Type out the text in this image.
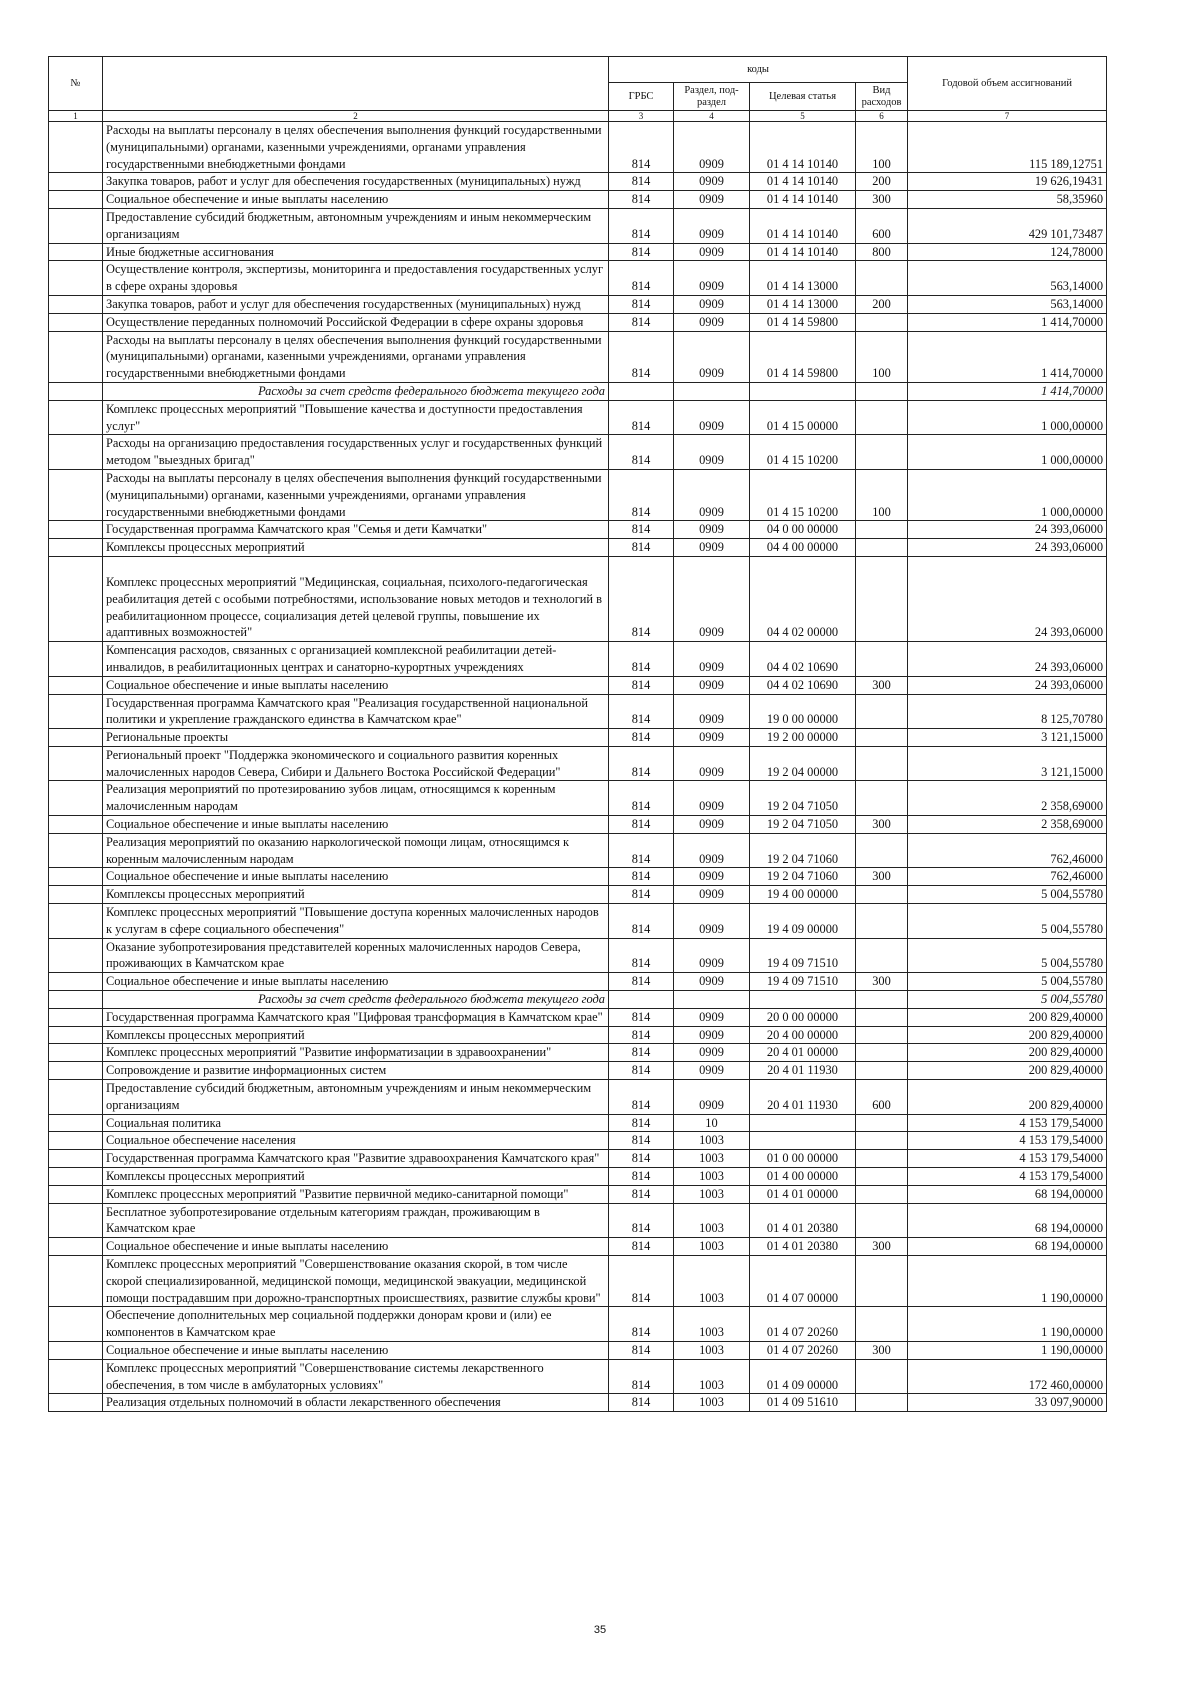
№		коды				Годовой объем ассигнований
		ГРБС	Раздел, под-раздел	Целевая статья	Вид расходов	
1	2	3	4	5	6	7
	Расходы на выплаты персоналу в целях обеспечения выполнения функций государственными (муниципальными) органами, казенными учреждениями, органами управления государственными внебюджетными фондами	814	0909	01 4 14 10140	100	115 189,12751
	Закупка товаров, работ и услуг для обеспечения государственных (муниципальных) нужд	814	0909	01 4 14 10140	200	19 626,19431
	Социальное обеспечение и иные выплаты населению	814	0909	01 4 14 10140	300	58,35960
	Предоставление субсидий бюджетным, автономным учреждениям и иным некоммерческим организациям	814	0909	01 4 14 10140	600	429 101,73487
	Иные бюджетные ассигнования	814	0909	01 4 14 10140	800	124,78000
	Осуществление контроля, экспертизы, мониторинга и предоставления государственных услуг в сфере охраны здоровья	814	0909	01 4 14 13000		563,14000
	Закупка товаров, работ и услуг для обеспечения государственных (муниципальных) нужд	814	0909	01 4 14 13000	200	563,14000
	Осуществление переданных полномочий Российской Федерации в сфере охраны здоровья	814	0909	01 4 14 59800		1 414,70000
	Расходы на выплаты персоналу в целях обеспечения выполнения функций государственными (муниципальными) органами, казенными учреждениями, органами управления государственными внебюджетными фондами	814	0909	01 4 14 59800	100	1 414,70000
	Расходы за счет средств федерального бюджета текущего года					1 414,70000
	Комплекс процессных мероприятий "Повышение качества и доступности предоставления услуг"	814	0909	01 4 15 00000		1 000,00000
	Расходы на организацию предоставления государственных услуг и государственных функций методом "выездных бригад"	814	0909	01 4 15 10200		1 000,00000
	Расходы на выплаты персоналу в целях обеспечения выполнения функций государственными (муниципальными) органами, казенными учреждениями, органами управления государственными внебюджетными фондами	814	0909	01 4 15 10200	100	1 000,00000
	Государственная программа Камчатского края "Семья и дети Камчатки"	814	0909	04 0 00 00000		24 393,06000
	Комплексы процессных мероприятий	814	0909	04 4 00 00000		24 393,06000
	Комплекс процессных мероприятий "Медицинская, социальная, психолого-педагогическая реабилитация детей с особыми потребностями, использование новых методов и технологий в реабилитационном процессе, социализация детей целевой группы, повышение их адаптивных возможностей"	814	0909	04 4 02 00000		24 393,06000
	Компенсация расходов, связанных с организацией комплексной реабилитации детей-инвалидов, в реабилитационных центрах и санаторно-курортных учреждениях	814	0909	04 4 02 10690		24 393,06000
	Социальное обеспечение и иные выплаты населению	814	0909	04 4 02 10690	300	24 393,06000
	Государственная программа Камчатского края "Реализация государственной национальной политики и укрепление гражданского единства в Камчатском крае"	814	0909	19 0 00 00000		8 125,70780
	Региональные проекты	814	0909	19 2 00 00000		3 121,15000
	Региональный проект "Поддержка экономического и социального развития коренных малочисленных народов Севера, Сибири и Дальнего Востока Российской Федерации"	814	0909	19 2 04 00000		3 121,15000
	Реализация мероприятий по протезированию зубов лицам, относящимся к коренным малочисленным народам	814	0909	19 2 04 71050		2 358,69000
	Социальное обеспечение и иные выплаты населению	814	0909	19 2 04 71050	300	2 358,69000
	Реализация мероприятий по оказанию наркологической помощи лицам, относящимся к коренным малочисленным народам	814	0909	19 2 04 71060		762,46000
	Социальное обеспечение и иные выплаты населению	814	0909	19 2 04 71060	300	762,46000
	Комплексы процессных мероприятий	814	0909	19 4 00 00000		5 004,55780
	Комплекс процессных мероприятий "Повышение доступа коренных малочисленных народов к услугам в сфере социального обеспечения"	814	0909	19 4 09 00000		5 004,55780
	Оказание зубопротезирования представителей коренных малочисленных народов Севера, проживающих в Камчатском крае	814	0909	19 4 09 71510		5 004,55780
	Социальное обеспечение и иные выплаты населению	814	0909	19 4 09 71510	300	5 004,55780
	Расходы за счет средств федерального бюджета текущего года					5 004,55780
	Государственная программа Камчатского края "Цифровая трансформация в Камчатском крае"	814	0909	20 0 00 00000		200 829,40000
	Комплексы процессных мероприятий	814	0909	20 4 00 00000		200 829,40000
	Комплекс процессных мероприятий "Развитие информатизации в здравоохранении"	814	0909	20 4 01 00000		200 829,40000
	Сопровождение и развитие информационных систем	814	0909	20 4 01 11930		200 829,40000
	Предоставление субсидий бюджетным, автономным учреждениям и иным некоммерческим организациям	814	0909	20 4 01 11930	600	200 829,40000
	Социальная политика	814	10			4 153 179,54000
	Социальное обеспечение населения	814	1003			4 153 179,54000
	Государственная программа Камчатского края "Развитие здравоохранения Камчатского края"	814	1003	01 0 00 00000		4 153 179,54000
	Комплексы процессных мероприятий	814	1003	01 4 00 00000		4 153 179,54000
	Комплекс процессных мероприятий "Развитие первичной медико-санитарной помощи"	814	1003	01 4 01 00000		68 194,00000
	Бесплатное зубопротезирование отдельным категориям граждан, проживающим в Камчатском крае	814	1003	01 4 01 20380		68 194,00000
	Социальное обеспечение и иные выплаты населению	814	1003	01 4 01 20380	300	68 194,00000
	Комплекс процессных мероприятий "Совершенствование оказания скорой, в том числе скорой специализированной, медицинской помощи, медицинской эвакуации, медицинской помощи пострадавшим при дорожно-транспортных происшествиях, развитие службы крови"	814	1003	01 4 07 00000		1 190,00000
	Обеспечение дополнительных мер социальной поддержки донорам крови и (или) ее компонентов в Камчатском крае	814	1003	01 4 07 20260		1 190,00000
	Социальное обеспечение и иные выплаты населению	814	1003	01 4 07 20260	300	1 190,00000
	Комплекс процессных мероприятий "Совершенствование системы лекарственного обеспечения, в том числе в амбулаторных условиях"	814	1003	01 4 09 00000		172 460,00000
	Реализация отдельных полномочий в области лекарственного обеспечения	814	1003	01 4 09 51610		33 097,90000
35
